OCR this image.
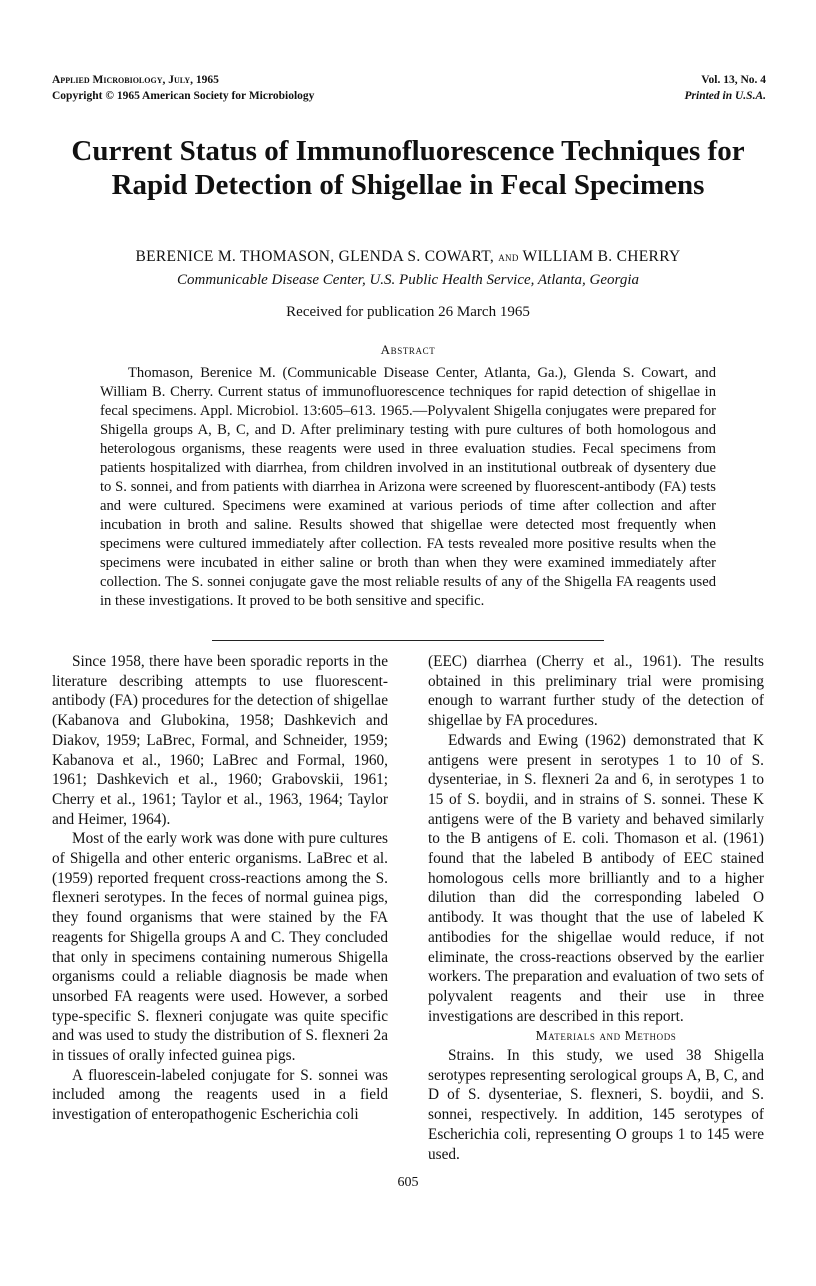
Applied Microbiology, July, 1965
Copyright © 1965 American Society for Microbiology
Vol. 13, No. 4
Printed in U.S.A.
Current Status of Immunofluorescence Techniques for Rapid Detection of Shigellae in Fecal Specimens
BERENICE M. THOMASON, GLENDA S. COWART, and WILLIAM B. CHERRY
Communicable Disease Center, U.S. Public Health Service, Atlanta, Georgia
Received for publication 26 March 1965
Abstract
Thomason, Berenice M. (Communicable Disease Center, Atlanta, Ga.), Glenda S. Cowart, and William B. Cherry. Current status of immunofluorescence techniques for rapid detection of shigellae in fecal specimens. Appl. Microbiol. 13:605–613. 1965.—Polyvalent Shigella conjugates were prepared for Shigella groups A, B, C, and D. After preliminary testing with pure cultures of both homologous and heterologous organisms, these reagents were used in three evaluation studies. Fecal specimens from patients hospitalized with diarrhea, from children involved in an institutional outbreak of dysentery due to S. sonnei, and from patients with diarrhea in Arizona were screened by fluorescent-antibody (FA) tests and were cultured. Specimens were examined at various periods of time after collection and after incubation in broth and saline. Results showed that shigellae were detected most frequently when specimens were cultured immediately after collection. FA tests revealed more positive results when the specimens were incubated in either saline or broth than when they were examined immediately after collection. The S. sonnei conjugate gave the most reliable results of any of the Shigella FA reagents used in these investigations. It proved to be both sensitive and specific.

Since 1958, there have been sporadic reports in the literature describing attempts to use fluorescent-antibody (FA) procedures for the detection of shigellae (Kabanova and Glubokina, 1958; Dashkevich and Diakov, 1959; LaBrec, Formal, and Schneider, 1959; Kabanova et al., 1960; LaBrec and Formal, 1960, 1961; Dashkevich et al., 1960; Grabovskii, 1961; Cherry et al., 1961; Taylor et al., 1963, 1964; Taylor and Heimer, 1964).

Most of the early work was done with pure cultures of Shigella and other enteric organisms. LaBrec et al. (1959) reported frequent cross-reactions among the S. flexneri serotypes. In the feces of normal guinea pigs, they found organisms that were stained by the FA reagents for Shigella groups A and C. They concluded that only in specimens containing numerous Shigella organisms could a reliable diagnosis be made when unsorbed FA reagents were used. However, a sorbed type-specific S. flexneri conjugate was quite specific and was used to study the distribution of S. flexneri 2a in tissues of orally infected guinea pigs.

A fluorescein-labeled conjugate for S. sonnei was included among the reagents used in a field investigation of enteropathogenic Escherichia coli

(EEC) diarrhea (Cherry et al., 1961). The results obtained in this preliminary trial were promising enough to warrant further study of the detection of shigellae by FA procedures.

Edwards and Ewing (1962) demonstrated that K antigens were present in serotypes 1 to 10 of S. dysenteriae, in S. flexneri 2a and 6, in serotypes 1 to 15 of S. boydii, and in strains of S. sonnei. These K antigens were of the B variety and behaved similarly to the B antigens of E. coli. Thomason et al. (1961) found that the labeled B antibody of EEC stained homologous cells more brilliantly and to a higher dilution than did the corresponding labeled O antibody. It was thought that the use of labeled K antibodies for the shigellae would reduce, if not eliminate, the cross-reactions observed by the earlier workers. The preparation and evaluation of two sets of polyvalent reagents and their use in three investigations are described in this report.

Materials and Methods

Strains. In this study, we used 38 Shigella serotypes representing serological groups A, B, C, and D of S. dysenteriae, S. flexneri, S. boydii, and S. sonnei, respectively. In addition, 145 serotypes of Escherichia coli, representing O groups 1 to 145 were used.

605
